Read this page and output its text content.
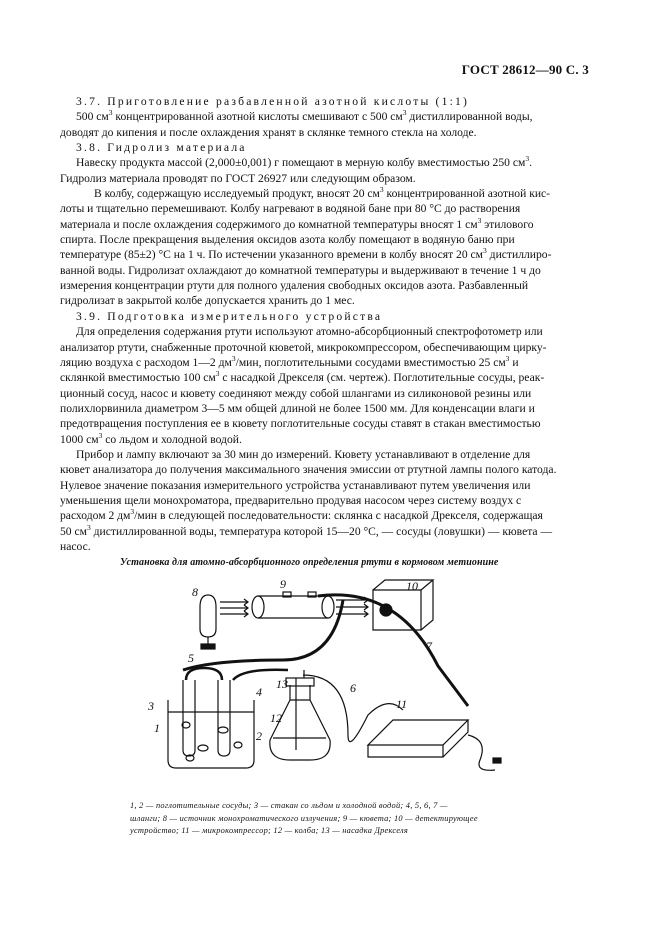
ГОСТ 28612—90 С. 3

3.7. Приготовление разбавленной азотной кислоты (1:1)

500 $см^3$ концентрированной азотной кислоты смешивают с 500 $см^3$ дистиллированной воды,

доводят до кипения и после охлаждения хранят в склянке темного стекла на холоде.

3.8. Гидролиз материала

Навеску продукта массой (2,000±0,001) г помещают в мерную колбу вместимостью 250 $см^3$.

Гидролиз материала проводят по ГОСТ 26927 или следующим образом.

В колбу, содержащую исследуемый продукт, вносят 20 $см^3$ концентрированной азотной кис-

лоты и тщательно перемешивают. Колбу нагревают в водяной бане при 80 °С до растворения

материала и после охлаждения содержимого до комнатной температуры вносят 1 $см^3$ этилового

спирта. После прекращения выделения оксидов азота колбу помещают в водяную баню при

температуре (85±2) °С на 1 ч. По истечении указанного времени в колбу вносят 20 $см^3$ дистиллиро-

ванной воды. Гидролизат охлаждают до комнатной температуры и выдерживают в течение 1 ч до

измерения концентрации ртути для полного удаления свободных оксидов азота. Разбавленный

гидролизат в закрытой колбе допускается хранить до 1 мес.

3.9. Подготовка измерительного устройства

Для определения содержания ртути используют атомно-абсорбционный спектрофотометр или

анализатор ртути, снабженные проточной кюветой, микрокомпрессором, обеспечивающим цирку-

ляцию воздуха с расходом 1—2 $дм^3$/мин, поглотительными сосудами вместимостью 25 $см^3$ и

склянкой вместимостью 100 $см^3$ с насадкой Дрекселя (см. чертеж). Поглотительные сосуды, реак-

ционный сосуд, насос и кювету соединяют между собой шлангами из силиконовой резины или

полихлорвинила диаметром 3—5 мм общей длиной не более 1500 мм. Для конденсации влаги и

предотвращения поступления ее в кювету поглотительные сосуды ставят в стакан вместимостью

1000 $см^3$ со льдом и холодной водой.

Прибор и лампу включают за 30 мин до измерений. Кювету устанавливают в отделение для

кювет анализатора до получения максимального значения эмиссии от ртутной лампы полого катода.

Нулевое значение показания измерительного устройства устанавливают путем увеличения или

уменьшения щели монохроматора, предварительно продувая насосом через систему воздух с

расходом 2 $дм^3$/мин в следующей последовательности: склянка с насадкой Дрекселя, содержащая

50 $см^3$ дистиллированной воды, температура которой 15—20 °С, — сосуды (ловушки) — кювета —

насос.

Установка для атомно-абсорбционного определения ртути в кормовом метионине
8
9	10
7
5
6
13
3
4
1
2
12
11
1, 2 — поглотительные сосуды; 3 — стакан со льдом и холодной водой; 4, 5, 6, 7 —
шланги; 8 — источник монохроматического излучения; 9 — кювета; 10 — детектирующее
устройство; 11 — микрокомпрессор; 12 — колба; 13 — насадка Дрекселя
